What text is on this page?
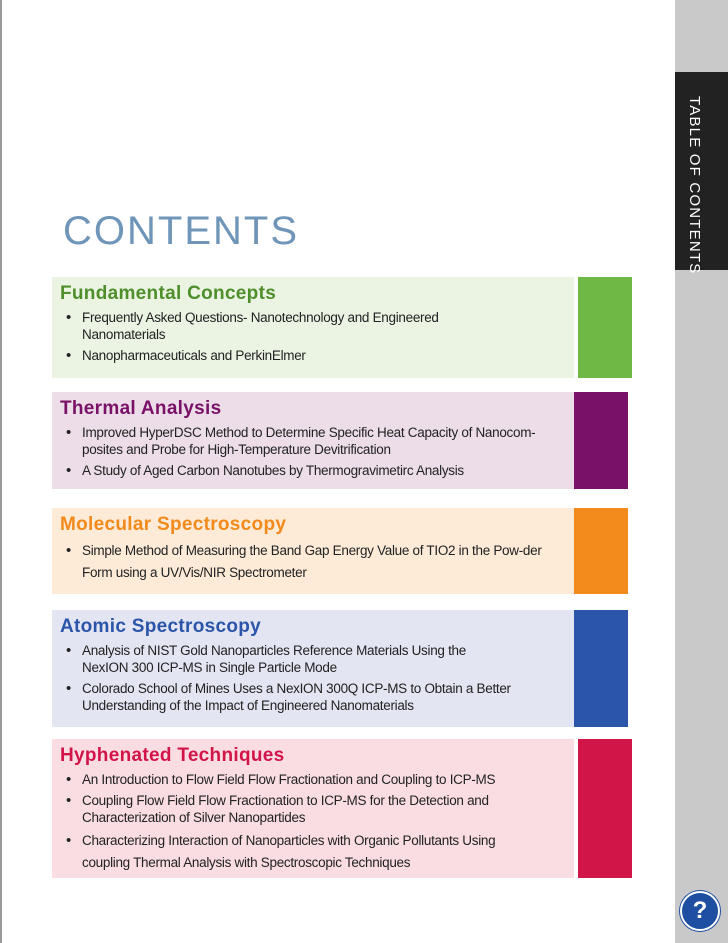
TABLE OF CONTENTS
CONTENTS
Fundamental Concepts
• Frequently Asked Questions- Nanotechnology and Engineered Nanomaterials
• Nanopharmaceuticals and PerkinElmer
Thermal Analysis
• Improved HyperDSC Method to Determine Specific Heat Capacity of Nanocom-posites and Probe for High-Temperature Devitrification
• A Study of Aged Carbon Nanotubes by Thermogravimetirc Analysis
Molecular Spectroscopy
• Simple Method of Measuring the Band Gap Energy Value of TIO2 in the Pow-der Form using a UV/Vis/NIR Spectrometer
Atomic Spectroscopy
• Analysis of NIST Gold Nanoparticles Reference Materials Using the NexION 300 ICP-MS in Single Particle Mode
• Colorado School of Mines Uses a NexION 300Q ICP-MS to Obtain a Better Understanding of the Impact of Engineered Nanomaterials
Hyphenated Techniques
• An Introduction to Flow Field Flow Fractionation and Coupling to ICP-MS
• Coupling Flow Field Flow Fractionation to ICP-MS for the Detection and Characterization of Silver Nanopartides
• Characterizing Interaction of Nanoparticles with Organic Pollutants Using coupling Thermal Analysis with Spectroscopic Techniques
?
